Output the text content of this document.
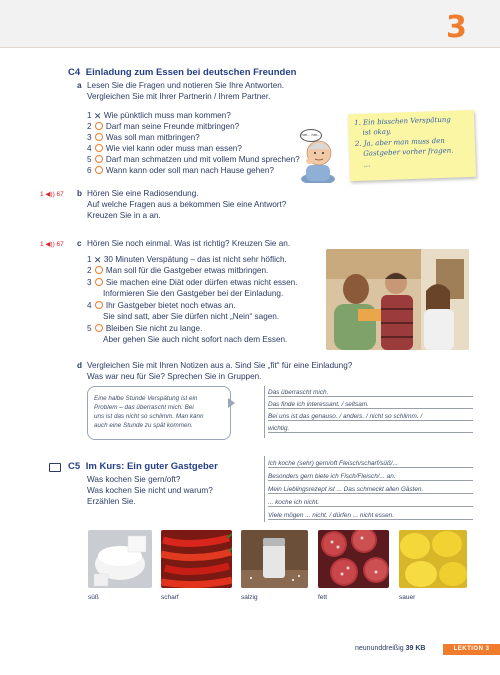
3
C4 Einladung zum Essen bei deutschen Freunden
a Lesen Sie die Fragen und notieren Sie Ihre Antworten.
Vergleichen Sie mit Ihrer Partnerin / Ihrem Partner.
1 ✕ Wie pünktlich muss man kommen?
2 Darf man seine Freunde mitbringen?
3 Was soll man mitbringen?
4 Wie viel kann oder muss man essen?
5 Darf man schmatzen und mit vollem Mund sprechen?
6 Wann kann oder soll man nach Hause gehen?
hm... hm...
1. Ein bisschen Verspätung
ist okay.
2. Ja, aber man muss den
Gastgeber vorher fragen.
...
1 ◀)) 67 b Hören Sie eine Radiosendung.
Auf welche Fragen aus a bekommen Sie eine Antwort?
Kreuzen Sie in a an.
1 ◀)) 67 c Hören Sie noch einmal. Was ist richtig? Kreuzen Sie an.
1 ✕ 30 Minuten Verspätung – das ist nicht sehr höflich.
2 Man soll für die Gastgeber etwas mitbringen.
3 Sie machen eine Diät oder dürfen etwas nicht essen.
Informieren Sie den Gastgeber bei der Einladung.
4 Ihr Gastgeber bietet noch etwas an.
Sie sind satt, aber Sie dürfen nicht „Nein“ sagen.
5 Bleiben Sie nicht zu lange.
Aber gehen Sie auch nicht sofort nach dem Essen.
d Vergleichen Sie mit Ihren Notizen aus a. Sind Sie „fit“ für eine Einladung?
Was war neu für Sie? Sprechen Sie in Gruppen.
Eine halbe Stunde Verspätung ist ein
Problem – das überrascht mich. Bei
uns ist das nicht so schlimm. Man kann
auch eine Stunde zu spät kommen.
Das überrascht mich.
Das finde ich interessant. / seltsam.
Bei uns ist das genauso. / anders. / nicht so schlimm. /
wichtig.
C5 Im Kurs: Ein guter Gastgeber
Was kochen Sie gern/oft?
Was kochen Sie nicht und warum?
Erzählen Sie.
Ich koche (sehr) gern/oft Fleisch/scharf/süß/...
Besonders gern biete ich Fisch/Fleisch/... an.
Mein Lieblingsrezept ist ... Das schmeckt allen Gästen.
... koche ich nicht.
Viele mögen ... nicht. / dürfen ... nicht essen.
süß	scharf	salzig	fett	sauer
neununddreißig 39 KB	LEKTION 3
